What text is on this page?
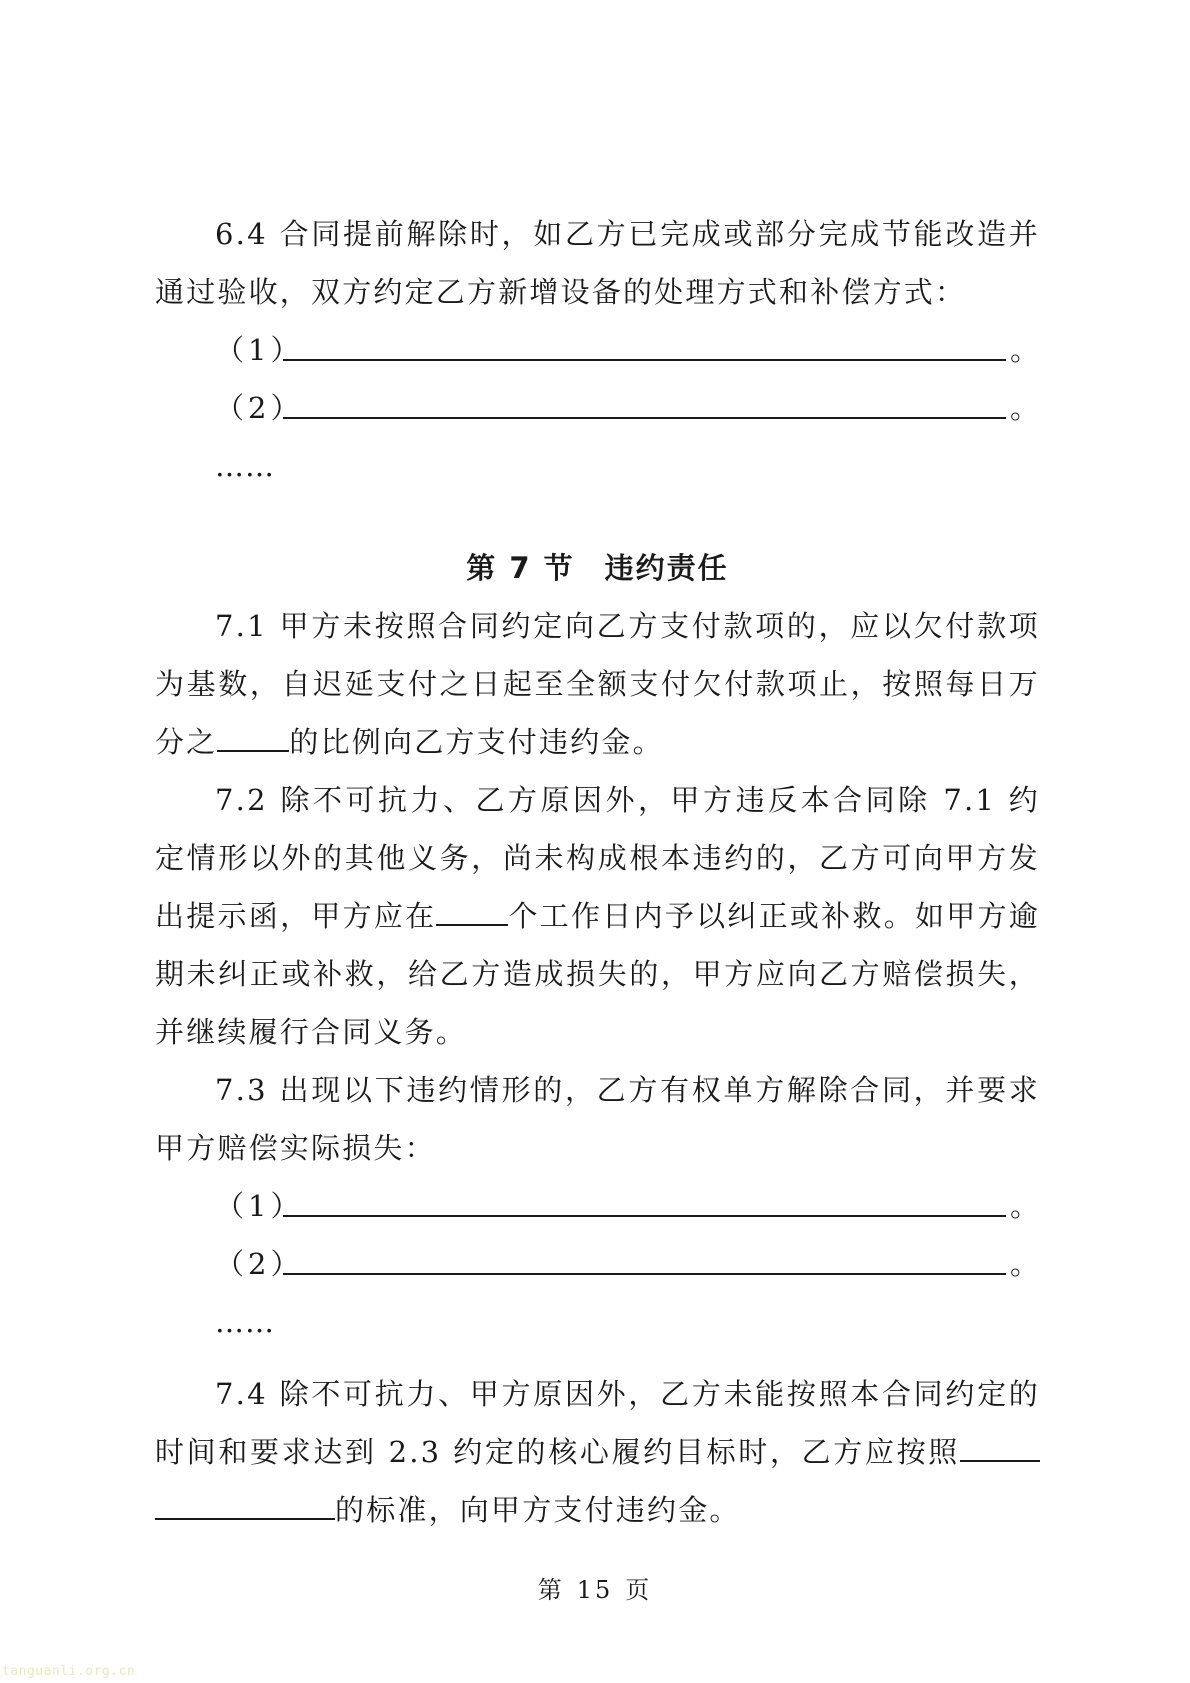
6.4 合同提前解除时，如乙方已完成或部分完成节能改造并通过验收，双方约定乙方新增设备的处理方式和补偿方式：

（1）	。
（2）	。
……
第 7 节 违约责任

7.1 甲方未按照合同约定向乙方支付款项的，应以欠付款项为基数，自迟延支付之日起至全额支付欠付款项止，按照每日万分之 的比例向乙方支付违约金。

7.2 除不可抗力、乙方原因外，甲方违反本合同除 7.1 约定情形以外的其他义务，尚未构成根本违约的，乙方可向甲方发出提示函，甲方应在 个工作日内予以纠正或补救。如甲方逾期未纠正或补救，给乙方造成损失的，甲方应向乙方赔偿损失，并继续履行合同义务。

7.3 出现以下违约情形的，乙方有权单方解除合同，并要求甲方赔偿实际损失：

（1）	。
（2）	。
……

7.4 除不可抗力、甲方原因外，乙方未能按照本合同约定的时间和要求达到 2.3 约定的核心履约目标时，乙方应按照的标准，向甲方支付违约金。

第 15 页
tanguanli.org.cn
